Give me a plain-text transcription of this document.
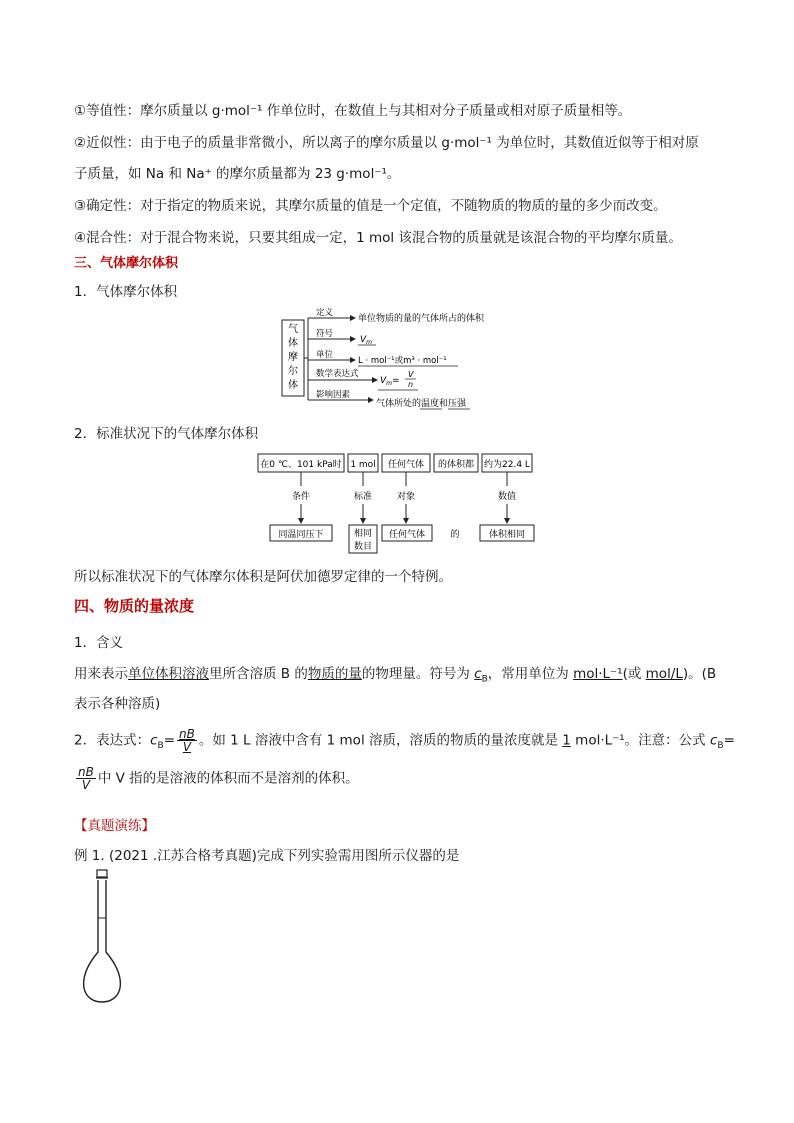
①等值性：摩尔质量以 g·mol⁻¹ 作单位时，在数值上与其相对分子质量或相对原子质量相等。
②近似性：由于电子的质量非常微小，所以离子的摩尔质量以 g·mol⁻¹ 为单位时，其数值近似等于相对原
子质量，如 Na 和 Na⁺ 的摩尔质量都为 23 g·mol⁻¹。
③确定性：对于指定的物质来说，其摩尔质量的值是一个定值，不随物质的物质的量的多少而改变。
④混合性：对于混合物来说，只要其组成一定，1 mol 该混合物的质量就是该混合物的平均摩尔质量。
三、气体摩尔体积
1．气体摩尔体积
气
体
摩
尔
体
定义
单位物质的量的气体所占的体积
符号
$V_m$
单位
L · mol⁻¹或m³ · mol⁻¹
数学表达式
$V_m=$
V
n
影响因素
气体所处的温度和压强
2．标准状况下的气体摩尔体积
在0 ℃、101 kPa时 1 mol 任何气体 的体积都 约为22.4 L
条件	标准	对象	数值
同温同压下	相同
数目
任何气体	的	体积相同
所以标准状况下的气体摩尔体积是阿伏加德罗定律的一个特例。
四、物质的量浓度
1．含义
用来表示单位体积溶液里所含溶质 B 的物质的量的物理量。符号为 $c_B$，常用单位为 mol·L⁻¹(或 mol/L)。(B
表示各种溶质)
2．表达式：$c_B= \frac{nB}{V}$ 。如 1 L 溶液中含有 1 mol 溶质，溶质的物质的量浓度就是 1 mol·L⁻¹。注意：公式 $c_B=$
$\frac{nB}{V}$ 中 V 指的是溶液的体积而不是溶剂的体积。
【真题演练】
例 1. (2021 .江苏合格考真题)完成下列实验需用图所示仪器的是
